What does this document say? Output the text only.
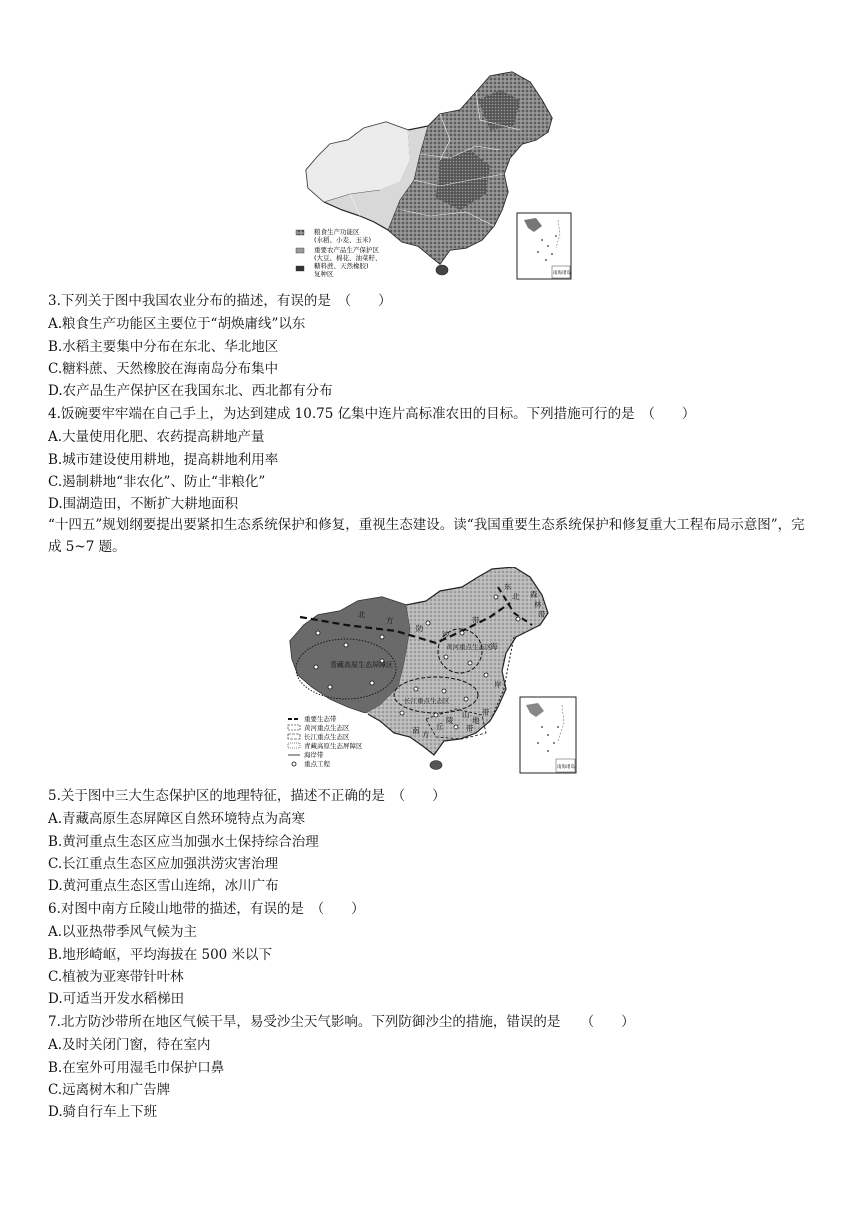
粮食生产功能区
(水稻、小麦、玉米)
重要农产品生产保护区
(大豆、棉花、油菜籽、
糖料蔗、天然橡胶)
复种区	南海诸岛
3.下列关于图中我国农业分布的描述，有误的是　（　　）
A.粮食生产功能区主要位于“胡焕庸线”以东
B.水稻主要集中分布在东北、华北地区
C.糖料蔗、天然橡胶在海南岛分布集中
D.农产品生产保护区在我国东北、西北都有分布
4.饭碗要牢牢端在自己手上，为达到建成 10.75 亿集中连片高标准农田的目标。下列措施可行的是　（　　）
A.大量使用化肥、农药提高耕地产量
B.城市建设使用耕地，提高耕地利用率
C.遏制耕地“非农化”、防止“非粮化”
D.围湖造田，不断扩大耕地面积
“十四五”规划纲要提出要紧扣生态系统保护和修复，重视生态建设。读“我国重要生态系统保护和修复重大工程布局示意图”，完成 5~7 题。
青藏高原生态屏障区
黄河重点生态区
长江重点生态区
北
方
防
沙
带
东
北 森
林
带
海
岸
带
南 方
丘
陵
山
地
带
重要生态带
黄河重点生态区
长江重点生态区
青藏高原生态屏障区
海岸带
重点工程	南海诸岛
5.关于图中三大生态保护区的地理特征，描述不正确的是　（　　）
A.青藏高原生态屏障区自然环境特点为高寒
B.黄河重点生态区应当加强水土保持综合治理
C.长江重点生态区应加强洪涝灾害治理
D.黄河重点生态区雪山连绵，冰川广布
6.对图中南方丘陵山地带的描述，有误的是　（　　）
A.以亚热带季风气候为主
B.地形崎岖，平均海拔在 500 米以下
C.植被为亚寒带针叶林
D.可适当开发水稻梯田
7.北方防沙带所在地区气候干旱，易受沙尘天气影响。下列防御沙尘的措施，错误的是　　（　　）
A.及时关闭门窗，待在室内
B.在室外可用湿毛巾保护口鼻
C.远离树木和广告牌
D.骑自行车上下班
